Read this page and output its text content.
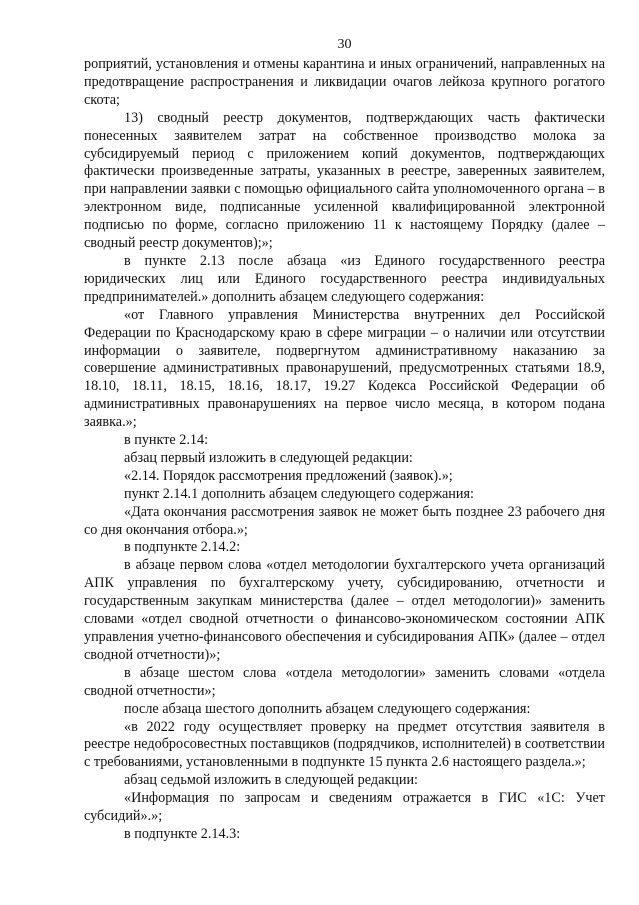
30

роприятий, установления и отмены карантина и иных ограничений, направленных на предотвращение распространения и ликвидации очагов лейкоза крупного рогатого скота;

13) сводный реестр документов, подтверждающих часть фактически понесенных заявителем затрат на собственное производство молока за субсидируемый период с приложением копий документов, подтверждающих фактически произведенные затраты, указанных в реестре, заверенных заявителем, при направлении заявки с помощью официального сайта уполномоченного органа – в электронном виде, подписанные усиленной квалифицированной электронной подписью по форме, согласно приложению 11 к настоящему Порядку (далее – сводный реестр документов);»;

в пункте 2.13 после абзаца «из Единого государственного реестра юридических лиц или Единого государственного реестра индивидуальных предпринимателей.» дополнить абзацем следующего содержания:

«от Главного управления Министерства внутренних дел Российской Федерации по Краснодарскому краю в сфере миграции – о наличии или отсутствии информации о заявителе, подвергнутом административному наказанию за совершение административных правонарушений, предусмотренных статьями 18.9, 18.10, 18.11, 18.15, 18.16, 18.17, 19.27 Кодекса Российской Федерации об административных правонарушениях на первое число месяца, в котором подана заявка.»;

в пункте 2.14:

абзац первый изложить в следующей редакции:

«2.14. Порядок рассмотрения предложений (заявок).»;

пункт 2.14.1 дополнить абзацем следующего содержания:

«Дата окончания рассмотрения заявок не может быть позднее 23 рабочего дня со дня окончания отбора.»;

в подпункте 2.14.2:

в абзаце первом слова «отдел методологии бухгалтерского учета организаций АПК управления по бухгалтерскому учету, субсидированию, отчетности и государственным закупкам министерства (далее – отдел методологии)» заменить словами «отдел сводной отчетности о финансово-экономическом состоянии АПК управления учетно-финансового обеспечения и субсидирования АПК» (далее – отдел сводной отчетности)»;

в абзаце шестом слова «отдела методологии» заменить словами «отдела сводной отчетности»;

после абзаца шестого дополнить абзацем следующего содержания:

«в 2022 году осуществляет проверку на предмет отсутствия заявителя в реестре недобросовестных поставщиков (подрядчиков, исполнителей) в соответствии с требованиями, установленными в подпункте 15 пункта 2.6 настоящего раздела.»;

абзац седьмой изложить в следующей редакции:

«Информация по запросам и сведениям отражается в ГИС «1С: Учет субсидий».»;

в подпункте 2.14.3:
